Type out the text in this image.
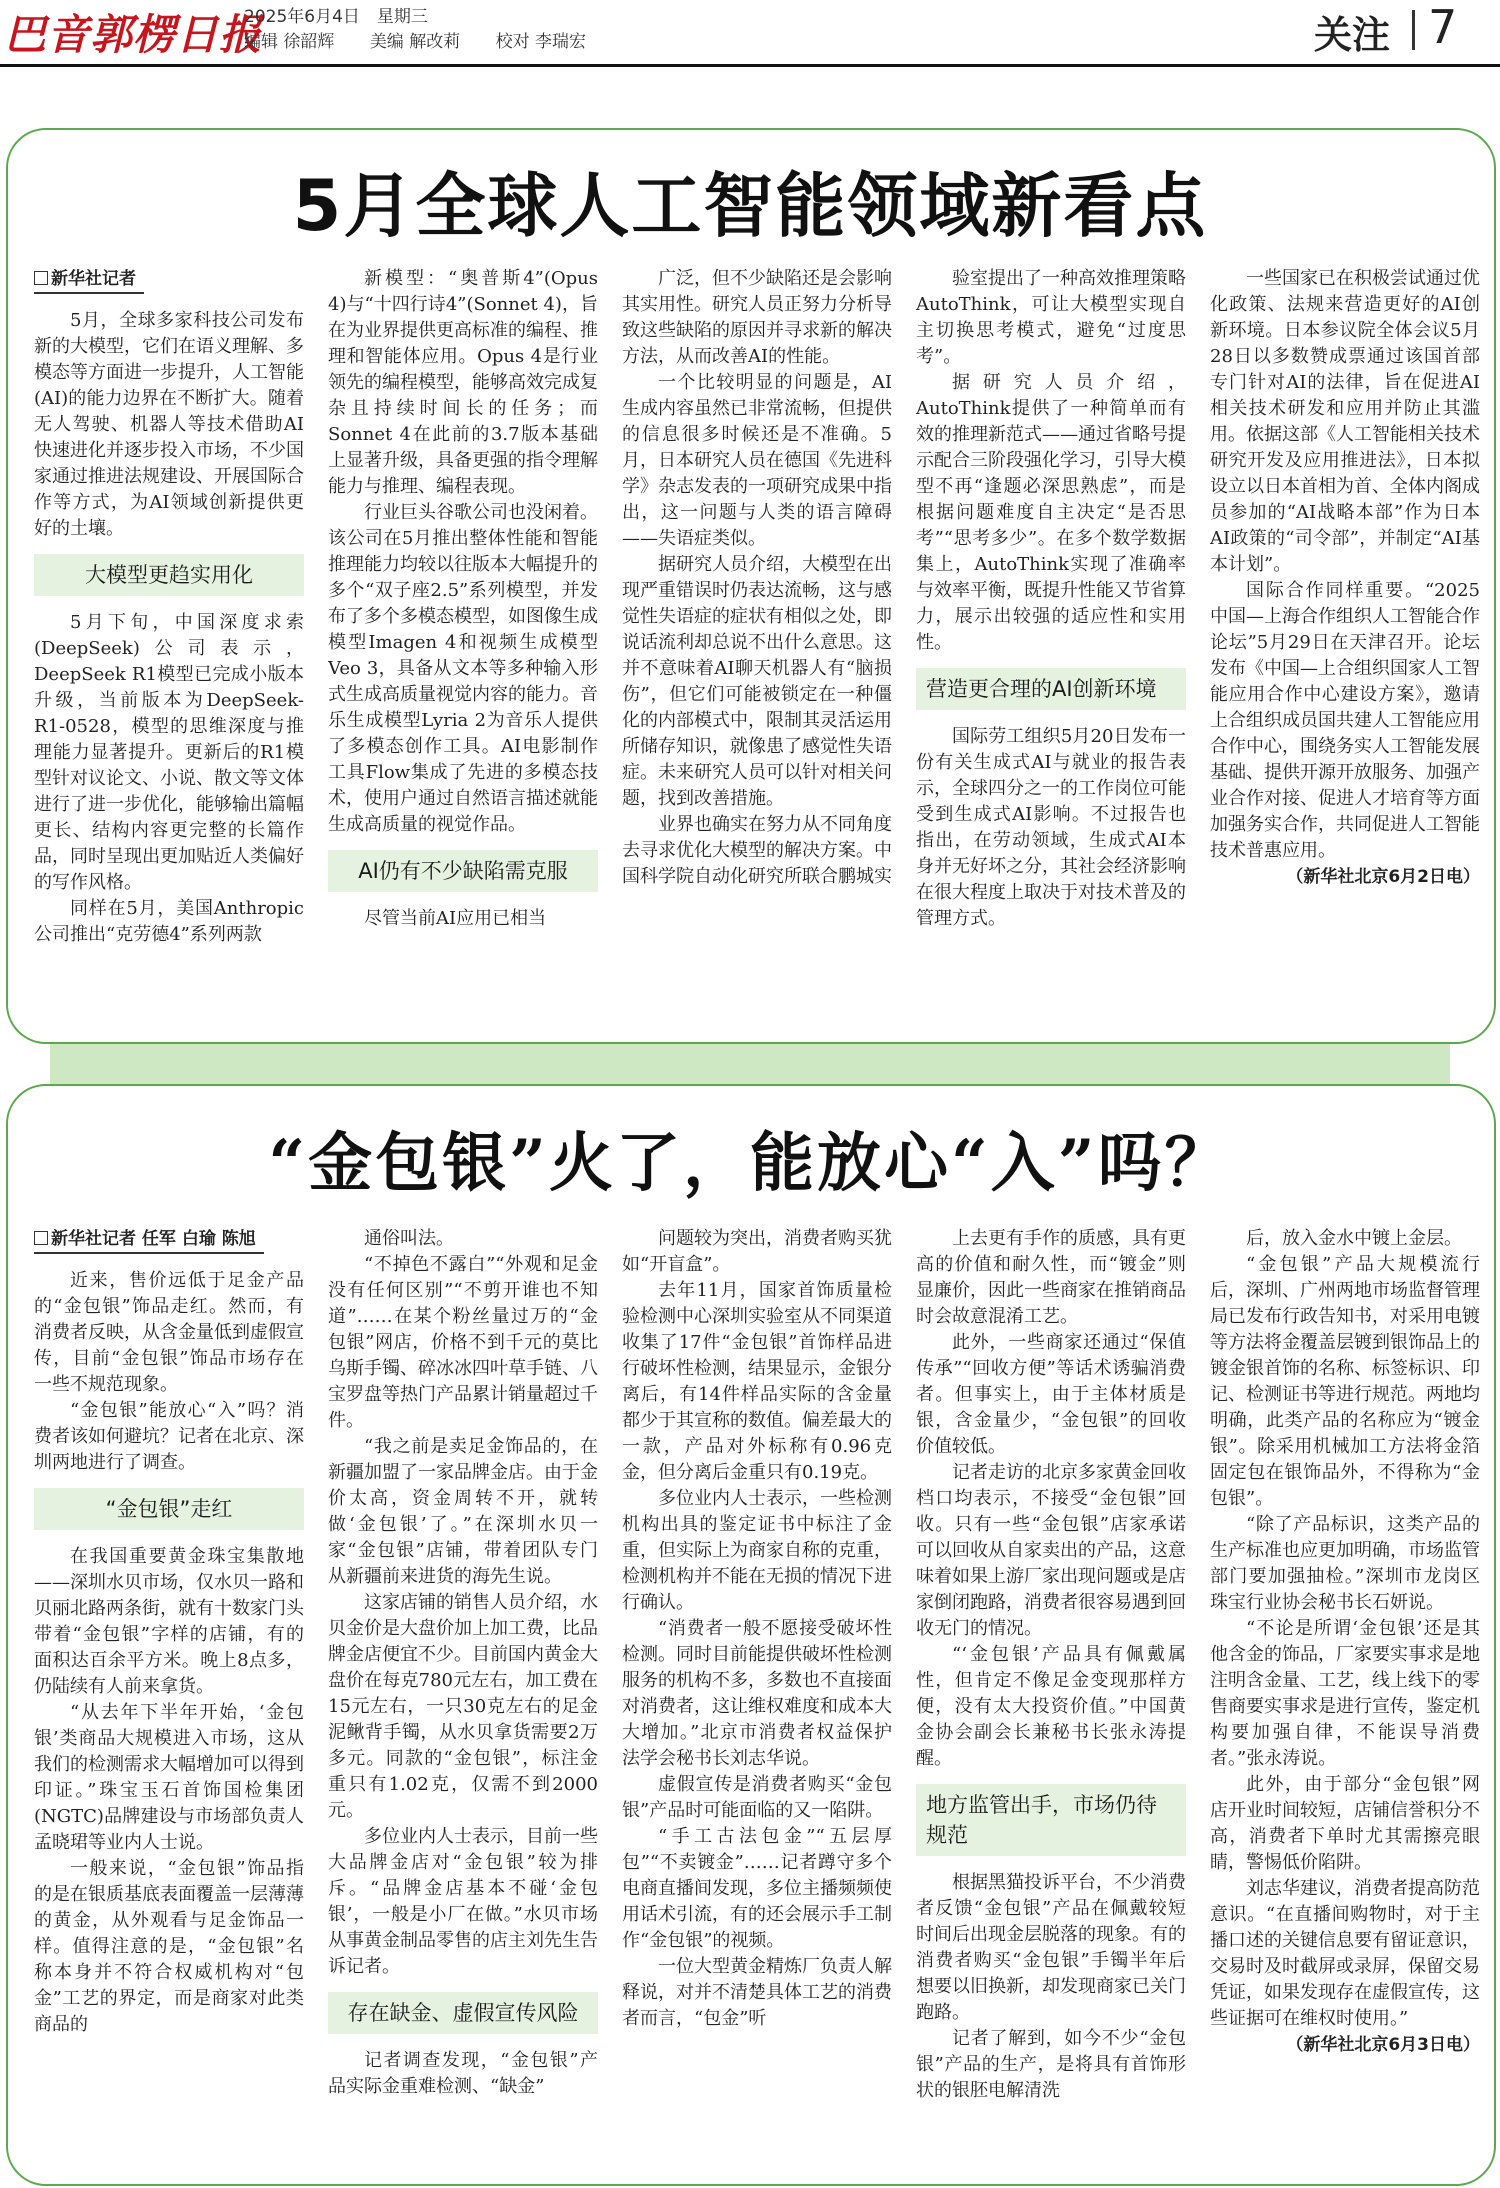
巴音郭楞日报
2025年6月4日　星期三
编辑 徐韶辉 美编 解改莉 校对 李瑞宏	关注 7
5月全球人工智能领域新看点

新华社记者

5月，全球多家科技公司发布新的大模型，它们在语义理解、多模态等方面进一步提升，人工智能(AI)的能力边界在不断扩大。随着无人驾驶、机器人等技术借助AI快速进化并逐步投入市场，不少国家通过推进法规建设、开展国际合作等方式，为AI领域创新提供更好的土壤。

大模型更趋实用化

5月下旬，中国深度求索(DeepSeek)公司表示，DeepSeek R1模型已完成小版本升级，当前版本为DeepSeek-R1-0528，模型的思维深度与推理能力显著提升。更新后的R1模型针对议论文、小说、散文等文体进行了进一步优化，能够输出篇幅更长、结构内容更完整的长篇作品，同时呈现出更加贴近人类偏好的写作风格。

同样在5月，美国Anthropic公司推出“克劳德4”系列两款

新模型：“奥普斯4”(Opus 4)与“十四行诗4”(Sonnet 4)，旨在为业界提供更高标准的编程、推理和智能体应用。Opus 4是行业领先的编程模型，能够高效完成复杂且持续时间长的任务；而Sonnet 4在此前的3.7版本基础上显著升级，具备更强的指令理解能力与推理、编程表现。

行业巨头谷歌公司也没闲着。该公司在5月推出整体性能和智能推理能力均较以往版本大幅提升的多个“双子座2.5”系列模型，并发布了多个多模态模型，如图像生成模型Imagen 4和视频生成模型Veo 3，具备从文本等多种输入形式生成高质量视觉内容的能力。音乐生成模型Lyria 2为音乐人提供了多模态创作工具。AI电影制作工具Flow集成了先进的多模态技术，使用户通过自然语言描述就能生成高质量的视觉作品。

AI仍有不少缺陷需克服

尽管当前AI应用已相当

广泛，但不少缺陷还是会影响其实用性。研究人员正努力分析导致这些缺陷的原因并寻求新的解决方法，从而改善AI的性能。

一个比较明显的问题是，AI生成内容虽然已非常流畅，但提供的信息很多时候还是不准确。5月，日本研究人员在德国《先进科学》杂志发表的一项研究成果中指出，这一问题与人类的语言障碍——失语症类似。

据研究人员介绍，大模型在出现严重错误时仍表达流畅，这与感觉性失语症的症状有相似之处，即说话流利却总说不出什么意思。这并不意味着AI聊天机器人有“脑损伤”，但它们可能被锁定在一种僵化的内部模式中，限制其灵活运用所储存知识，就像患了感觉性失语症。未来研究人员可以针对相关问题，找到改善措施。

业界也确实在努力从不同角度去寻求优化大模型的解决方案。中国科学院自动化研究所联合鹏城实

验室提出了一种高效推理策略AutoThink，可让大模型实现自主切换思考模式，避免“过度思考”。

据研究人员介绍，AutoThink提供了一种简单而有效的推理新范式——通过省略号提示配合三阶段强化学习，引导大模型不再“逢题必深思熟虑”，而是根据问题难度自主决定“是否思考”“思考多少”。在多个数学数据集上，AutoThink实现了准确率与效率平衡，既提升性能又节省算力，展示出较强的适应性和实用性。

营造更合理的AI创新环境

国际劳工组织5月20日发布一份有关生成式AI与就业的报告表示，全球四分之一的工作岗位可能受到生成式AI影响。不过报告也指出，在劳动领域，生成式AI本身并无好坏之分，其社会经济影响在很大程度上取决于对技术普及的管理方式。

一些国家已在积极尝试通过优化政策、法规来营造更好的AI创新环境。日本参议院全体会议5月28日以多数赞成票通过该国首部专门针对AI的法律，旨在促进AI相关技术研发和应用并防止其滥用。依据这部《人工智能相关技术研究开发及应用推进法》，日本拟设立以日本首相为首、全体内阁成员参加的“AI战略本部”作为日本AI政策的“司令部”，并制定“AI基本计划”。

国际合作同样重要。“2025中国—上海合作组织人工智能合作论坛”5月29日在天津召开。论坛发布《中国—上合组织国家人工智能应用合作中心建设方案》，邀请上合组织成员国共建人工智能应用合作中心，围绕务实人工智能发展基础、提供开源开放服务、加强产业合作对接、促进人才培育等方面加强务实合作，共同促进人工智能技术普惠应用。

（新华社北京6月2日电）

“金包银”火了，能放心“入”吗？

新华社记者 任军 白瑜 陈旭

近来，售价远低于足金产品的“金包银”饰品走红。然而，有消费者反映，从含金量低到虚假宣传，目前“金包银”饰品市场存在一些不规范现象。

“金包银”能放心“入”吗？消费者该如何避坑？记者在北京、深圳两地进行了调查。

“金包银”走红

在我国重要黄金珠宝集散地——深圳水贝市场，仅水贝一路和贝丽北路两条街，就有十数家门头带着“金包银”字样的店铺，有的面积达百余平方米。晚上8点多，仍陆续有人前来拿货。

“从去年下半年开始，‘金包银’类商品大规模进入市场，这从我们的检测需求大幅增加可以得到印证。”珠宝玉石首饰国检集团(NGTC)品牌建设与市场部负责人孟晓珺等业内人士说。

一般来说，“金包银”饰品指的是在银质基底表面覆盖一层薄薄的黄金，从外观看与足金饰品一样。值得注意的是，“金包银”名称本身并不符合权威机构对“包金”工艺的界定，而是商家对此类商品的

通俗叫法。

“不掉色不露白”“外观和足金没有任何区别”“不剪开谁也不知道”……在某个粉丝量过万的“金包银”网店，价格不到千元的莫比乌斯手镯、碎冰冰四叶草手链、八宝罗盘等热门产品累计销量超过千件。

“我之前是卖足金饰品的，在新疆加盟了一家品牌金店。由于金价太高，资金周转不开，就转做‘金包银’了。”在深圳水贝一家“金包银”店铺，带着团队专门从新疆前来进货的海先生说。

这家店铺的销售人员介绍，水贝金价是大盘价加上加工费，比品牌金店便宜不少。目前国内黄金大盘价在每克780元左右，加工费在15元左右，一只30克左右的足金泥鳅背手镯，从水贝拿货需要2万多元。同款的“金包银”，标注金重只有1.02克，仅需不到2000元。

多位业内人士表示，目前一些大品牌金店对“金包银”较为排斥。“品牌金店基本不碰‘金包银’，一般是小厂在做。”水贝市场从事黄金制品零售的店主刘先生告诉记者。

存在缺金、虚假宣传风险

记者调查发现，“金包银”产品实际金重难检测、“缺金”

问题较为突出，消费者购买犹如“开盲盒”。

去年11月，国家首饰质量检验检测中心深圳实验室从不同渠道收集了17件“金包银”首饰样品进行破坏性检测，结果显示，金银分离后，有14件样品实际的含金量都少于其宣称的数值。偏差最大的一款，产品对外标称有0.96克金，但分离后金重只有0.19克。

多位业内人士表示，一些检测机构出具的鉴定证书中标注了金重，但实际上为商家自称的克重，检测机构并不能在无损的情况下进行确认。

“消费者一般不愿接受破坏性检测。同时目前能提供破坏性检测服务的机构不多，多数也不直接面对消费者，这让维权难度和成本大大增加。”北京市消费者权益保护法学会秘书长刘志华说。

虚假宣传是消费者购买“金包银”产品时可能面临的又一陷阱。

“手工古法包金”“五层厚包”“不卖镀金”……记者蹲守多个电商直播间发现，多位主播频频使用话术引流，有的还会展示手工制作“金包银”的视频。

一位大型黄金精炼厂负责人解释说，对并不清楚具体工艺的消费者而言，“包金”听

上去更有手作的质感，具有更高的价值和耐久性，而“镀金”则显廉价，因此一些商家在推销商品时会故意混淆工艺。

此外，一些商家还通过“保值传承”“回收方便”等话术诱骗消费者。但事实上，由于主体材质是银，含金量少，“金包银”的回收价值较低。

记者走访的北京多家黄金回收档口均表示，不接受“金包银”回收。只有一些“金包银”店家承诺可以回收从自家卖出的产品，这意味着如果上游厂家出现问题或是店家倒闭跑路，消费者很容易遇到回收无门的情况。

“‘金包银’产品具有佩戴属性，但肯定不像足金变现那样方便，没有太大投资价值。”中国黄金协会副会长兼秘书长张永涛提醒。

地方监管出手，市场仍待规范

根据黑猫投诉平台，不少消费者反馈“金包银”产品在佩戴较短时间后出现金层脱落的现象。有的消费者购买“金包银”手镯半年后想要以旧换新，却发现商家已关门跑路。

记者了解到，如今不少“金包银”产品的生产，是将具有首饰形状的银胚电解清洗

后，放入金水中镀上金层。

“金包银”产品大规模流行后，深圳、广州两地市场监督管理局已发布行政告知书，对采用电镀等方法将金覆盖层镀到银饰品上的镀金银首饰的名称、标签标识、印记、检测证书等进行规范。两地均明确，此类产品的名称应为“镀金银”。除采用机械加工方法将金箔固定包在银饰品外，不得称为“金包银”。

“除了产品标识，这类产品的生产标准也应更加明确，市场监管部门要加强抽检。”深圳市龙岗区珠宝行业协会秘书长石妍说。

“不论是所谓‘金包银’还是其他含金的饰品，厂家要实事求是地注明含金量、工艺，线上线下的零售商要实事求是进行宣传，鉴定机构要加强自律，不能误导消费者。”张永涛说。

此外，由于部分“金包银”网店开业时间较短，店铺信誉积分不高，消费者下单时尤其需擦亮眼睛，警惕低价陷阱。

刘志华建议，消费者提高防范意识。“在直播间购物时，对于主播口述的关键信息要有留证意识，交易时及时截屏或录屏，保留交易凭证，如果发现存在虚假宣传，这些证据可在维权时使用。”

（新华社北京6月3日电）
